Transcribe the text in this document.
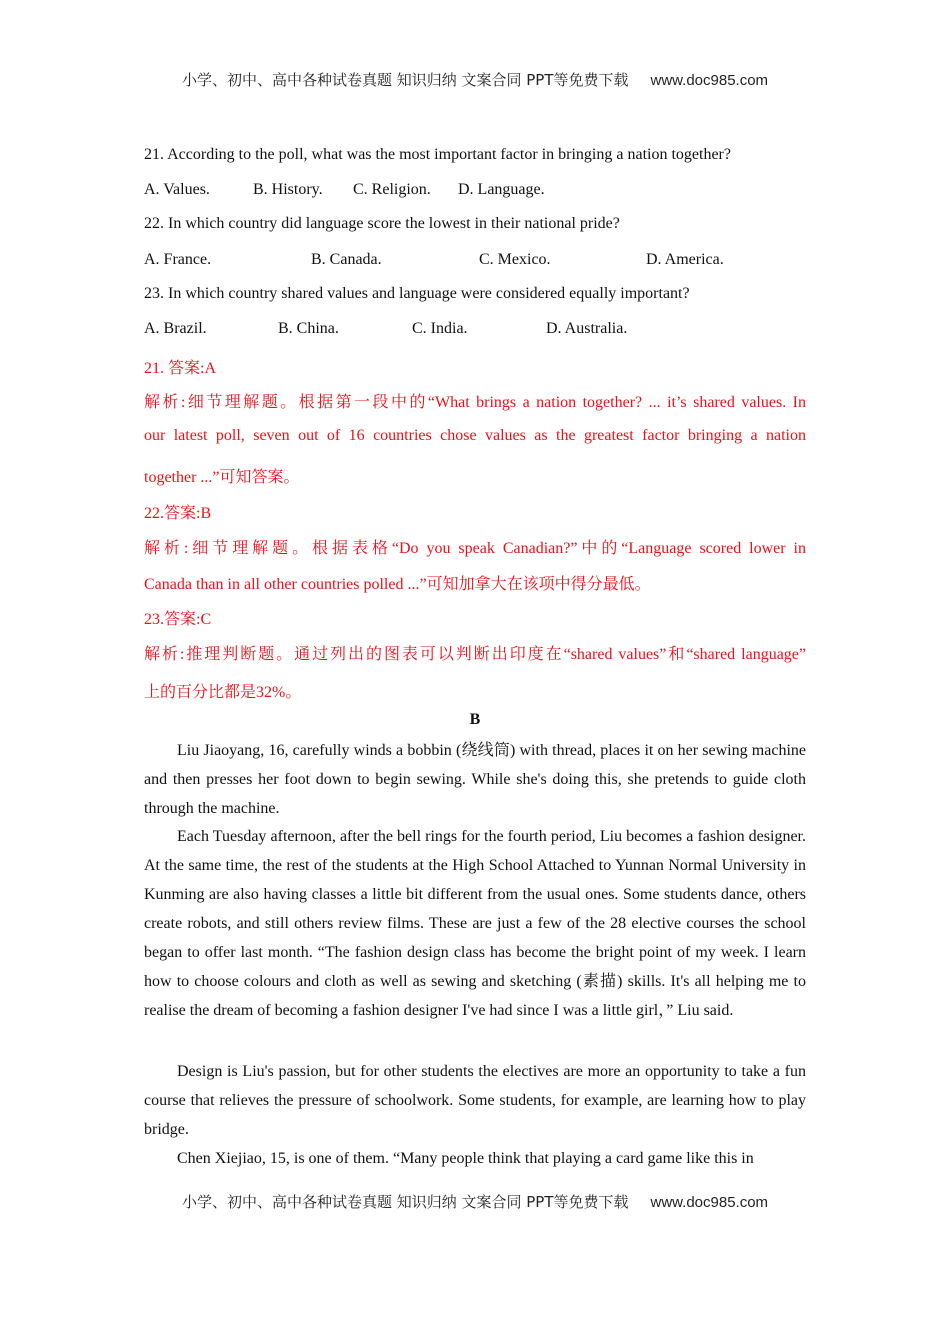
小学、初中、高中各种试卷真题 知识归纳 文案合同 PPT等免费下载 www.doc985.com
21. According to the poll, what was the most important factor in bringing a nation together?
A. Values.	B. History. C. Religion. D. Language.
22. In which country did language score the lowest in their national pride?
A. France.	B. Canada.	C. Mexico.	D. America.
23. In which country shared values and language were considered equally important?
A. Brazil.	B. China.	C. India.	D. Australia.
21. 答案:A
解析:细节理解题。根据第一段中的“What brings a nation together? ... it’s shared values. In
our latest poll, seven out of 16 countries chose values as the greatest factor bringing a nation
together ...”可知答案。
22.答案:B
解析:细节理解题。根据表格“Do you speak Canadian?”中的“Language scored lower in
Canada than in all other countries polled ...”可知加拿大在该项中得分最低。
23.答案:C
解析:推理判断题。通过列出的图表可以判断出印度在“shared values”和“shared language”
上的百分比都是32%。
B

Liu Jiaoyang, 16, carefully winds a bobbin (绕线筒) with thread, places it on her sewing machine and then presses her foot down to begin sewing. While she's doing this, she pretends to guide cloth through the machine.

Each Tuesday afternoon, after the bell rings for the fourth period, Liu becomes a fashion designer. At the same time, the rest of the students at the High School Attached to Yunnan Normal University in Kunming are also having classes a little bit different from the usual ones. Some students dance, others create robots, and still others review films. These are just a few of the 28 elective courses the school began to offer last month. “The fashion design class has become the bright point of my week. I learn how to choose colours and cloth as well as sewing and sketching (素描) skills. It's all helping me to realise the dream of becoming a fashion designer I've had since I was a little girl，” Liu said.

Design is Liu's passion, but for other students the electives are more an opportunity to take a fun course that relieves the pressure of schoolwork. Some students, for example, are learning how to play bridge.

Chen Xiejiao, 15, is one of them. “Many people think that playing a card game like this in

小学、初中、高中各种试卷真题 知识归纳 文案合同 PPT等免费下载 www.doc985.com
